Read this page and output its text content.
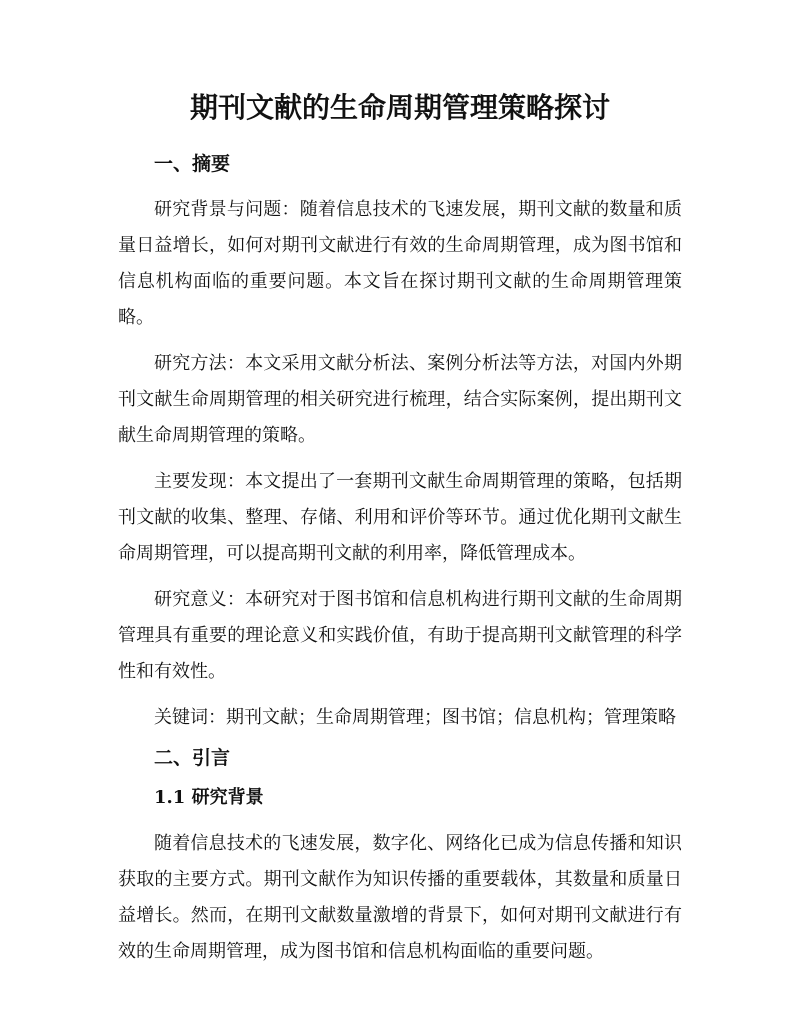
期刊文献的生命周期管理策略探讨
一、摘要

研究背景与问题：随着信息技术的飞速发展，期刊文献的数量和质量日益增长，如何对期刊文献进行有效的生命周期管理，成为图书馆和信息机构面临的重要问题。本文旨在探讨期刊文献的生命周期管理策略。

研究方法：本文采用文献分析法、案例分析法等方法，对国内外期刊文献生命周期管理的相关研究进行梳理，结合实际案例，提出期刊文献生命周期管理的策略。

主要发现：本文提出了一套期刊文献生命周期管理的策略，包括期刊文献的收集、整理、存储、利用和评价等环节。通过优化期刊文献生命周期管理，可以提高期刊文献的利用率，降低管理成本。

研究意义：本研究对于图书馆和信息机构进行期刊文献的生命周期管理具有重要的理论意义和实践价值，有助于提高期刊文献管理的科学性和有效性。

关键词：期刊文献；生命周期管理；图书馆；信息机构；管理策略

二、引言
1.1 研究背景

随着信息技术的飞速发展，数字化、网络化已成为信息传播和知识获取的主要方式。期刊文献作为知识传播的重要载体，其数量和质量日益增长。然而，在期刊文献数量激增的背景下，如何对期刊文献进行有效的生命周期管理，成为图书馆和信息机构面临的重要问题。
